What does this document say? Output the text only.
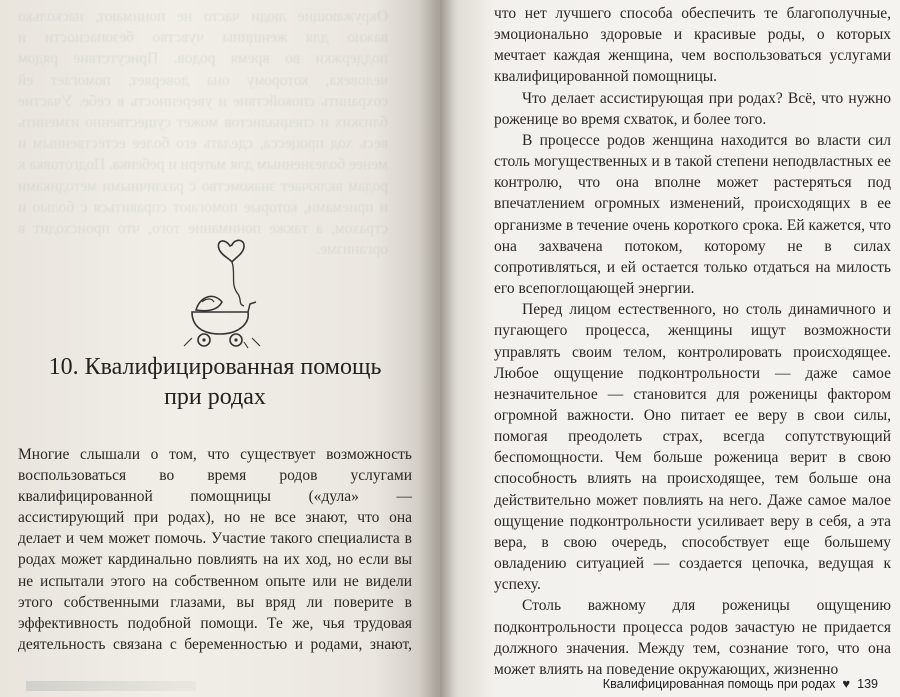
Окружающие люди часто не понимают, насколько важно для женщины чувство безопасности и поддержки во время родов. Присутствие рядом человека, которому она доверяет, помогает ей сохранить спокойствие и уверенность в себе. Участие близких и специалистов может существенно изменить весь ход процесса, сделать его более естественным и менее болезненным для матери и ребенка. Подготовка к родам включает знакомство с различными методиками и приемами, которые помогают справиться с болью и страхом, а также понимание того, что происходит в организме.
10. Квалифицированная помощь
при родах

Многие слышали о том, что существует возможность воспользоваться во время родов услугами квалифицированной помощницы («дула» — ассистирующий при родах), но не все знают, что она делает и чем может помочь. Участие такого специалиста в родах может кардинально повлиять на их ход, но если вы не испытали этого на собственном опыте или не видели этого собственными глазами, вы вряд ли поверите в эффективность подобной помощи. Те же, чья трудовая деятельность связана с беременностью и родами, знают,

что нет лучшего способа обеспечить те благополучные, эмоционально здоровые и красивые роды, о которых мечтает каждая женщина, чем воспользоваться услугами квалифицированной помощницы.

Что делает ассистирующая при родах? Всё, что нужно роженице во время схваток, и более того.

В процессе родов женщина находится во власти сил столь могущественных и в такой степени неподвластных ее контролю, что она вполне может растеряться под впечатлением огромных изменений, происходящих в ее организме в течение очень короткого срока. Ей кажется, что она захвачена потоком, которому не в силах сопротивляться, и ей остается только отдаться на милость его всепоглощающей энергии.

Перед лицом естественного, но столь динамичного и пугающего процесса, женщины ищут возможности управлять своим телом, контролировать происходящее. Любое ощущение подконтрольности — даже самое незначительное — становится для роженицы фактором огромной важности. Оно питает ее веру в свои силы, помогая преодолеть страх, всегда сопутствующий беспомощности. Чем больше роженица верит в свою способность влиять на происходящее, тем больше она действительно может повлиять на него. Даже самое малое ощущение подконтрольности усиливает веру в себя, а эта вера, в свою очередь, способствует еще большему овладению ситуацией — создается цепочка, ведущая к успеху.

Столь важному для роженицы ощущению подконтрольности процесса родов зачастую не придается должного значения. Между тем, сознание того, что она может влиять на поведение окружающих, жизненно

Квалифицированная помощь при родах ♥ 139
